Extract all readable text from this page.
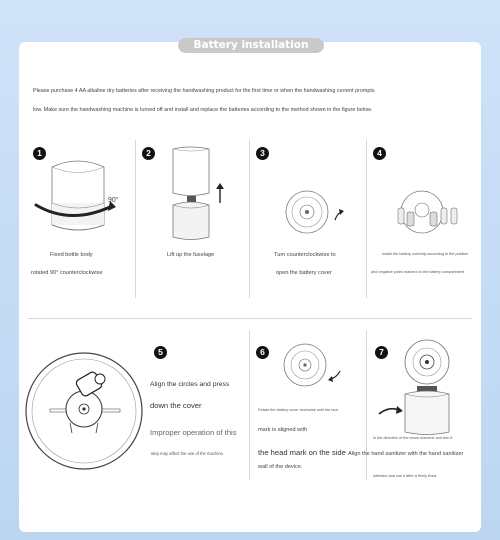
Battery installation method
Please purchase 4 AA alkaline dry batteries after receiving the handwashing product for the first time or when the handwashing current prompts
low. Make sure the handwashing machine is turned off and install and replace the batteries according to the method shown in the figure below.
1
90°
Fixed bottle body
rotated 90° counterclockwise
2
Lift up the fuselage
3
Turn counterclockwise to
open the battery cover
4
Install the battery correctly according to the positive
and negative poles marked on the battery compartment
5
Align the circles and press
down the cover
Improper operation of this
step may affect the use of the machine.
6
Rotate the battery cover clockwise until the lock
mark is aligned with
the head mark on the side
wall of the device.
7
In the direction of the arrow machine and turn it
Align the hand sanitizer with the hand sanitizer
interface and use it after a firmly fixed.
